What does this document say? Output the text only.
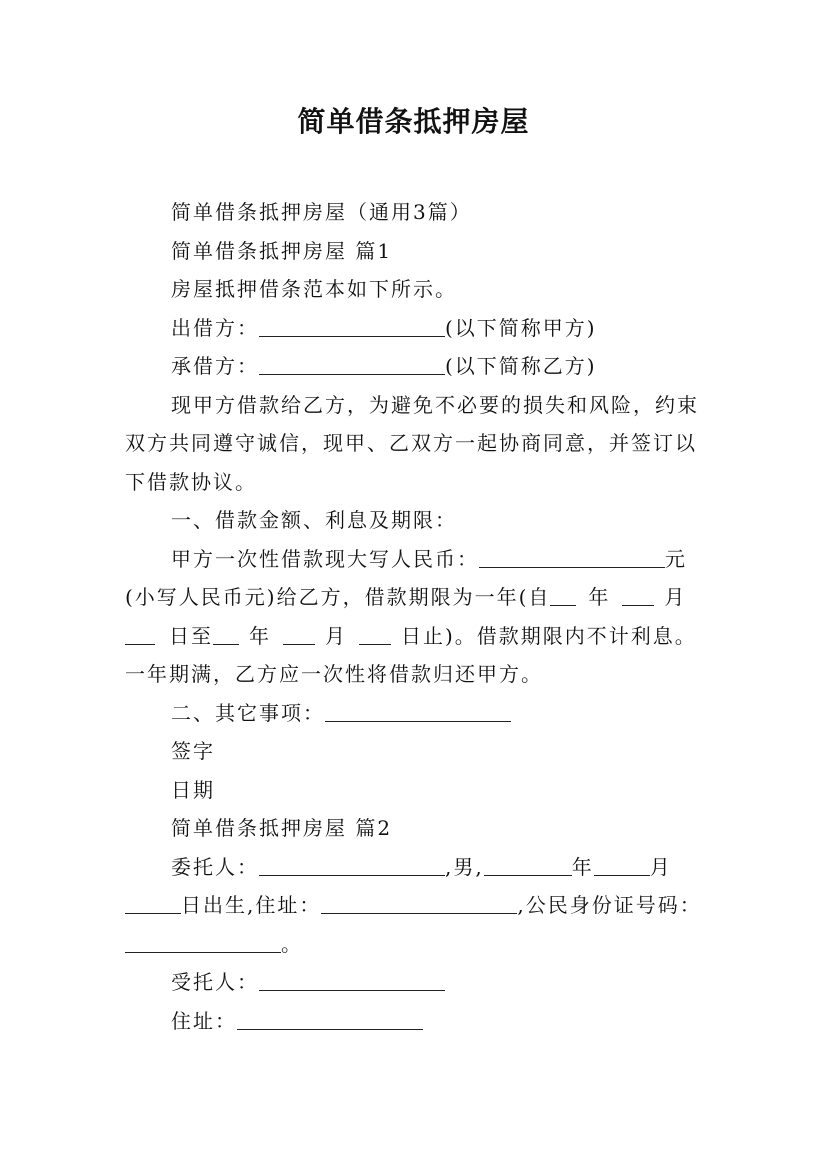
简单借条抵押房屋

简单借条抵押房屋（通用3篇）

简单借条抵押房屋 篇1

房屋抵押借条范本如下所示。

出借方：	(以下简称甲方)

承借方：	(以下简称乙方)

现甲方借款给乙方，为避免不必要的损失和风险，约束

双方共同遵守诚信，现甲、乙双方一起协商同意，并签订以

下借款协议。

一、借款金额、利息及期限：

甲方一次性借款现大写人民币：	元

(小写人民币元)给乙方，借款期限为一年(自 年	月

日至 年	月	日止)。借款期限内不计利息。

一年期满，乙方应一次性将借款归还甲方。

二、其它事项：

签字

日期

简单借条抵押房屋 篇2

委托人：	,男,	年	月

日出生,住址：	,公民身份证号码：

。

受托人：

住址：
